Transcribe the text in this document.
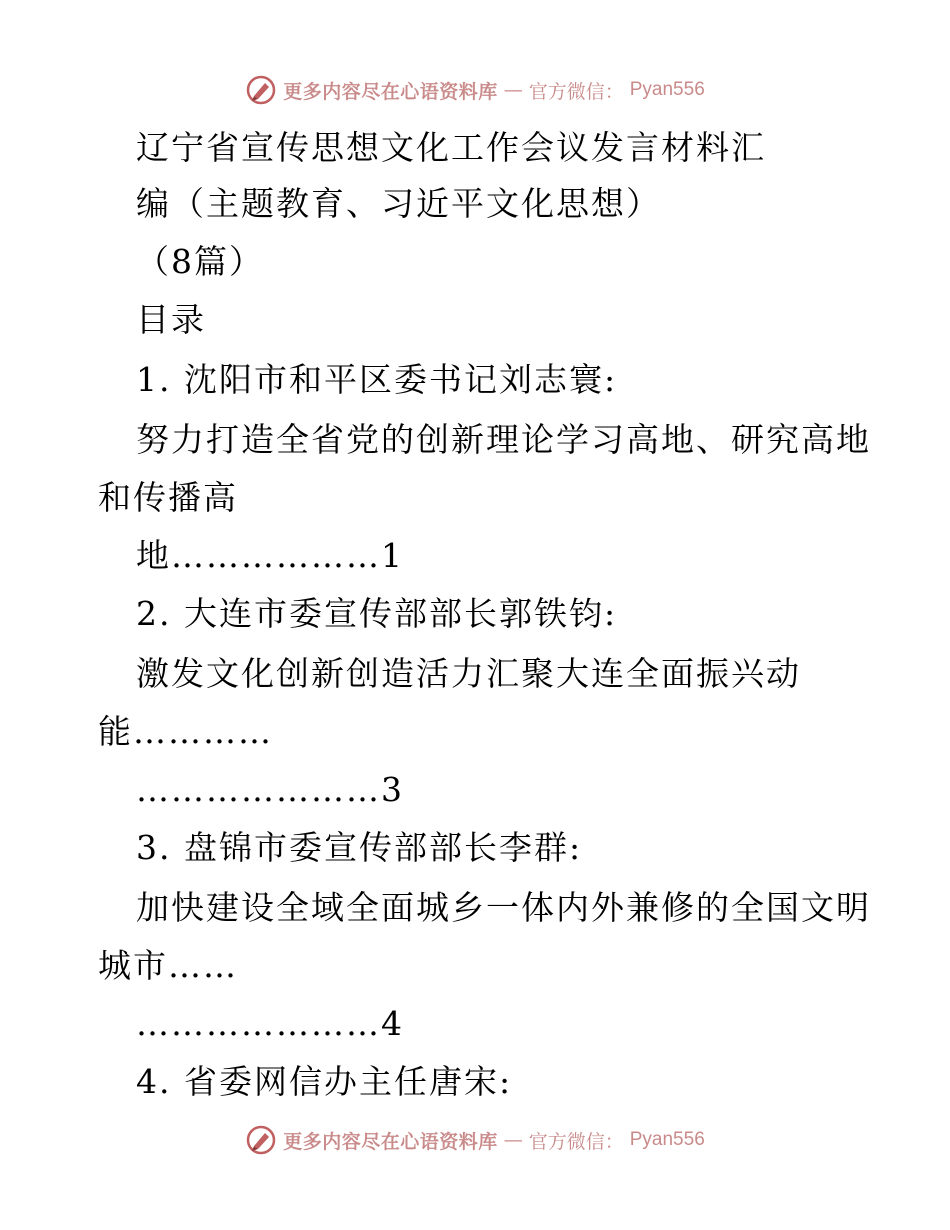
更多内容尽在心语资料库 — 官方微信： Pyan556
辽宁省宣传思想文化工作会议发言材料汇
编（主题教育、习近平文化思想）
（8篇）
目录
1. 沈阳市和平区委书记刘志寰:
努力打造全省党的创新理论学习高地、研究高地
和传播高
地………………1
2. 大连市委宣传部部长郭铁钧:
激发文化创新创造活力汇聚大连全面振兴动
能…………
…………………3
3. 盘锦市委宣传部部长李群:
加快建设全域全面城乡一体内外兼修的全国文明
城市……
…………………4
4. 省委网信办主任唐宋:
更多内容尽在心语资料库 — 官方微信： Pyan556
